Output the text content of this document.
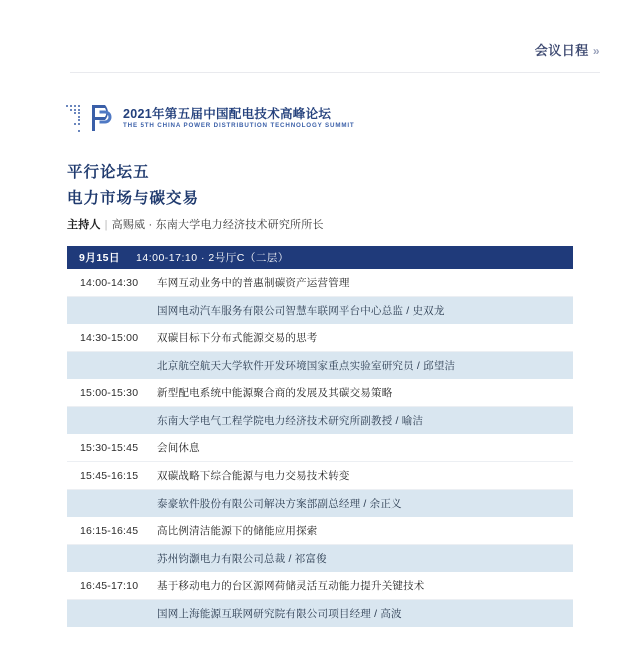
会议日程 »
2021年第五届中国配电技术高峰论坛
THE 5TH CHINA POWER DISTRIBUTION TECHNOLOGY SUMMIT
平行论坛五
电力市场与碳交易
主持人 | 高赐威 · 东南大学电力经济技术研究所所长
9月15日 14:00-17:10 · 2号厅C（二层）
14:00-14:30	车网互动业务中的普惠制碳资产运营管理
国网电动汽车服务有限公司智慧车联网平台中心总监 / 史双龙
14:30-15:00	双碳目标下分布式能源交易的思考
北京航空航天大学软件开发环境国家重点实验室研究员 / 邱望洁
15:00-15:30	新型配电系统中能源聚合商的发展及其碳交易策略
东南大学电气工程学院电力经济技术研究所副教授 / 喻洁
15:30-15:45	会间休息
15:45-16:15	双碳战略下综合能源与电力交易技术转变
泰豪软件股份有限公司解决方案部副总经理 / 余正义
16:15-16:45	高比例清洁能源下的储能应用探索
苏州钧灏电力有限公司总裁 / 祁富俊
16:45-17:10	基于移动电力的台区源网荷储灵活互动能力提升关键技术
国网上海能源互联网研究院有限公司项目经理 / 高波
